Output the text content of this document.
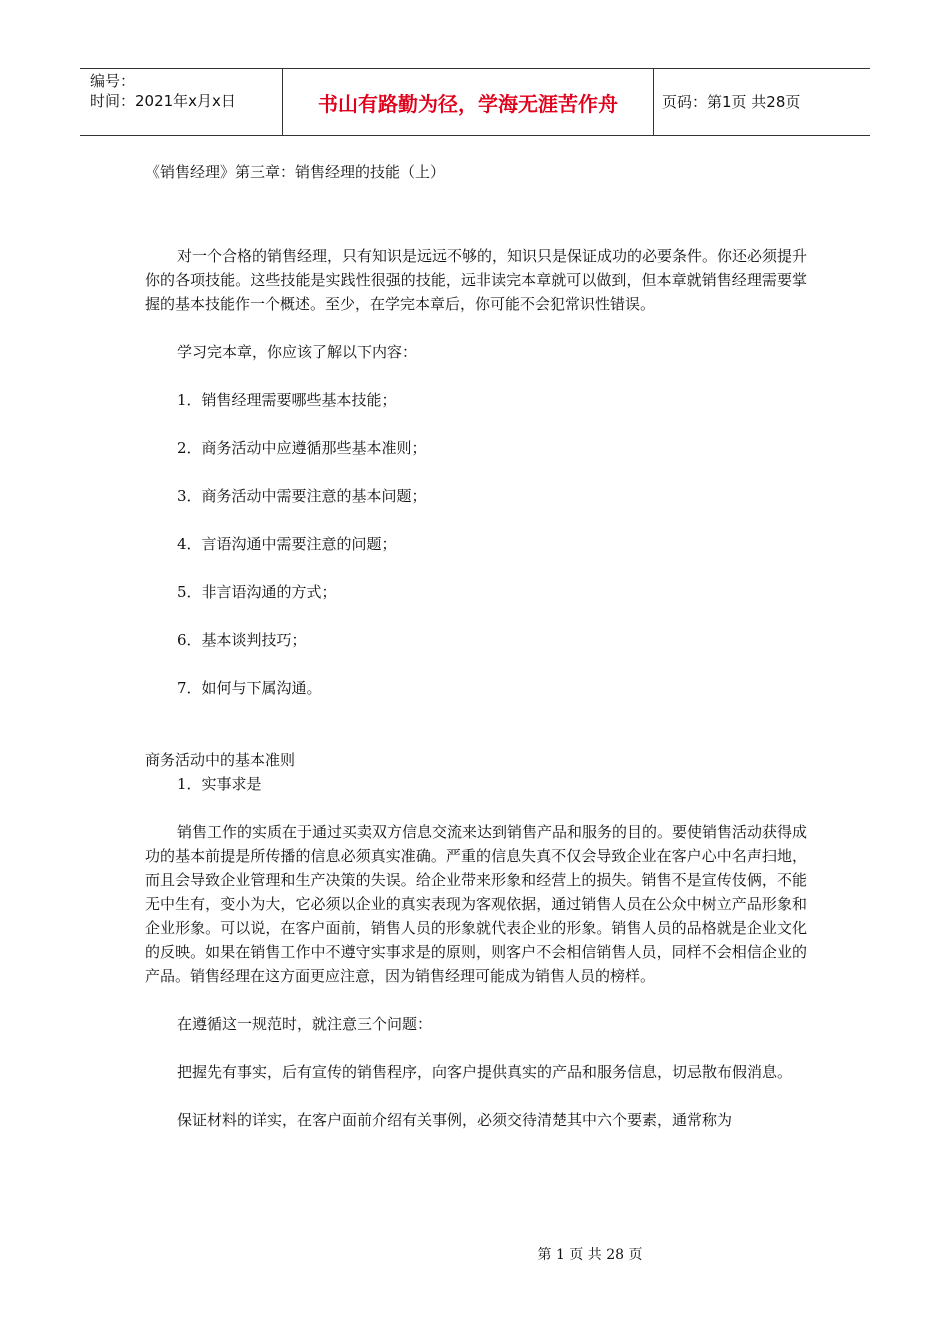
编号：
时间：2021年x月x日	书山有路勤为径，学海无涯苦作舟	页码：第1页 共28页

《销售经理》第三章：销售经理的技能（上）

对一个合格的销售经理，只有知识是远远不够的，知识只是保证成功的必要条件。你还必须提升你的各项技能。这些技能是实践性很强的技能，远非读完本章就可以做到，但本章就销售经理需要掌握的基本技能作一个概述。至少，在学完本章后，你可能不会犯常识性错误。

学习完本章，你应该了解以下内容：

1．销售经理需要哪些基本技能；

2．商务活动中应遵循那些基本准则；

3．商务活动中需要注意的基本问题；

4．言语沟通中需要注意的问题；

5．非言语沟通的方式；

6．基本谈判技巧；

7．如何与下属沟通。

商务活动中的基本准则

1．实事求是

销售工作的实质在于通过买卖双方信息交流来达到销售产品和服务的目的。要使销售活动获得成功的基本前提是所传播的信息必须真实准确。严重的信息失真不仅会导致企业在客户心中名声扫地，而且会导致企业管理和生产决策的失误。给企业带来形象和经营上的损失。销售不是宣传伎俩，不能无中生有，变小为大，它必须以企业的真实表现为客观依据，通过销售人员在公众中树立产品形象和企业形象。可以说，在客户面前，销售人员的形象就代表企业的形象。销售人员的品格就是企业文化的反映。如果在销售工作中不遵守实事求是的原则，则客户不会相信销售人员，同样不会相信企业的产品。销售经理在这方面更应注意，因为销售经理可能成为销售人员的榜样。

在遵循这一规范时，就注意三个问题：

把握先有事实，后有宣传的销售程序，向客户提供真实的产品和服务信息，切忌散布假消息。

保证材料的详实，在客户面前介绍有关事例，必须交待清楚其中六个要素，通常称为

第 1 页 共 28 页
